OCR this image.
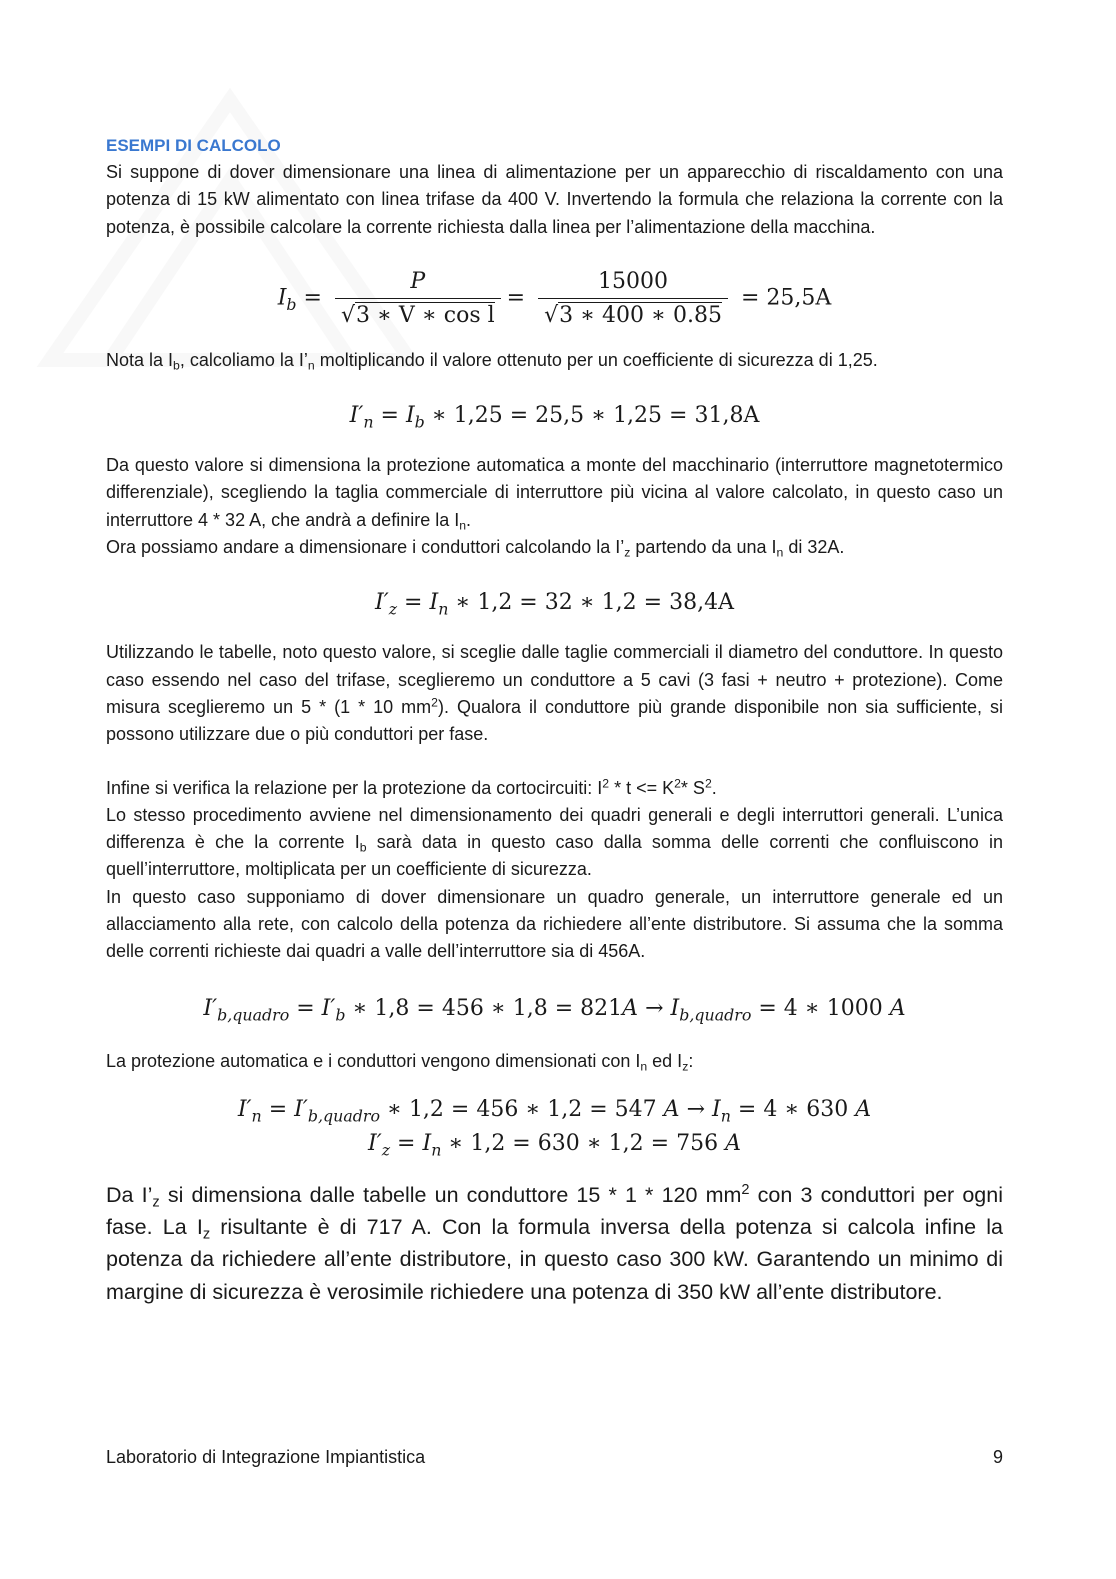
ESEMPI DI CALCOLO

Si suppone di dover dimensionare una linea di alimentazione per un apparecchio di riscaldamento con una potenza di 15 kW alimentato con linea trifase da 400 V. Invertendo la formula che relaziona la corrente con la potenza, è possibile calcolare la corrente richiesta dalla linea per l’alimentazione della macchina.

$I_b = \frac{P}{\text{√3 ∗ V ∗ cos l}} = \frac{15000}{√3 ∗ 400 ∗ 0.85} = 25,5A$

Nota la $I_b$, calcoliamo la $I’_n$ moltiplicando il valore ottenuto per un coefficiente di sicurezza di 1,25.

$I'_n = I_b$ ∗ 1,25 = 25,5 ∗ 1,25 = 31,8A

Da questo valore si dimensiona la protezione automatica a monte del macchinario (interruttore magnetotermico differenziale), scegliendo la taglia commerciale di interruttore più vicina al valore calcolato, in questo caso un interruttore 4 * 32 A, che andrà a definire la $I_n$.

Ora possiamo andare a dimensionare i conduttori calcolando la $I’_z$ partendo da una $I_n$ di 32A.

$I'_z = I_n$ ∗ 1,2 = 32 ∗ 1,2 = 38,4A

Utilizzando le tabelle, noto questo valore, si sceglie dalle taglie commerciali il diametro del conduttore. In questo caso essendo nel caso del trifase, sceglieremo un conduttore a 5 cavi (3 fasi + neutro + protezione). Come misura sceglieremo un 5 * (1 * 10 $mm^2$). Qualora il conduttore più grande disponibile non sia sufficiente, si possono utilizzare due o più conduttori per fase.

Infine si verifica la relazione per la protezione da cortocircuiti: $I^2 * t <= K^2*$ $S^2$.

Lo stesso procedimento avviene nel dimensionamento dei quadri generali e degli interruttori generali. L’unica differenza è che la corrente $I_b$ sarà data in questo caso dalla somma delle correnti che confluiscono in quell’interruttore, moltiplicata per un coefficiente di sicurezza.

In questo caso supponiamo di dover dimensionare un quadro generale, un interruttore generale ed un allacciamento alla rete, con calcolo della potenza da richiedere all’ente distributore. Si assuma che la somma delle correnti richieste dai quadri a valle dell’interruttore sia di 456A.

$I'_{b,quadro} = I'_b$ ∗ 1,8 = 456 ∗ $1,8 = 821A \to I_{b,quadro} = 4$ ∗ 1000 A

La protezione automatica e i conduttori vengono dimensionati con $I_n$ ed $I_z$:

$I'_n = I'_{b,quadro}$ ∗ 1,2 = 456 ∗ 1,2 = 547 $A \to I_n = 4$ ∗ 630 A
$I'_z = I_n$ ∗ 1,2 = 630 ∗ 1,2 = 756 A

Da $I’_z$ si dimensiona dalle tabelle un conduttore 15 * 1 * 120 $mm^2$ con 3 conduttori per ogni fase. La $I_z$ risultante è di 717 A. Con la formula inversa della potenza si calcola infine la potenza da richiedere all’ente distributore, in questo caso 300 kW. Garantendo un minimo di margine di sicurezza è verosimile richiedere una potenza di 350 kW all’ente distributore.

Laboratorio di Integrazione Impiantistica	9
